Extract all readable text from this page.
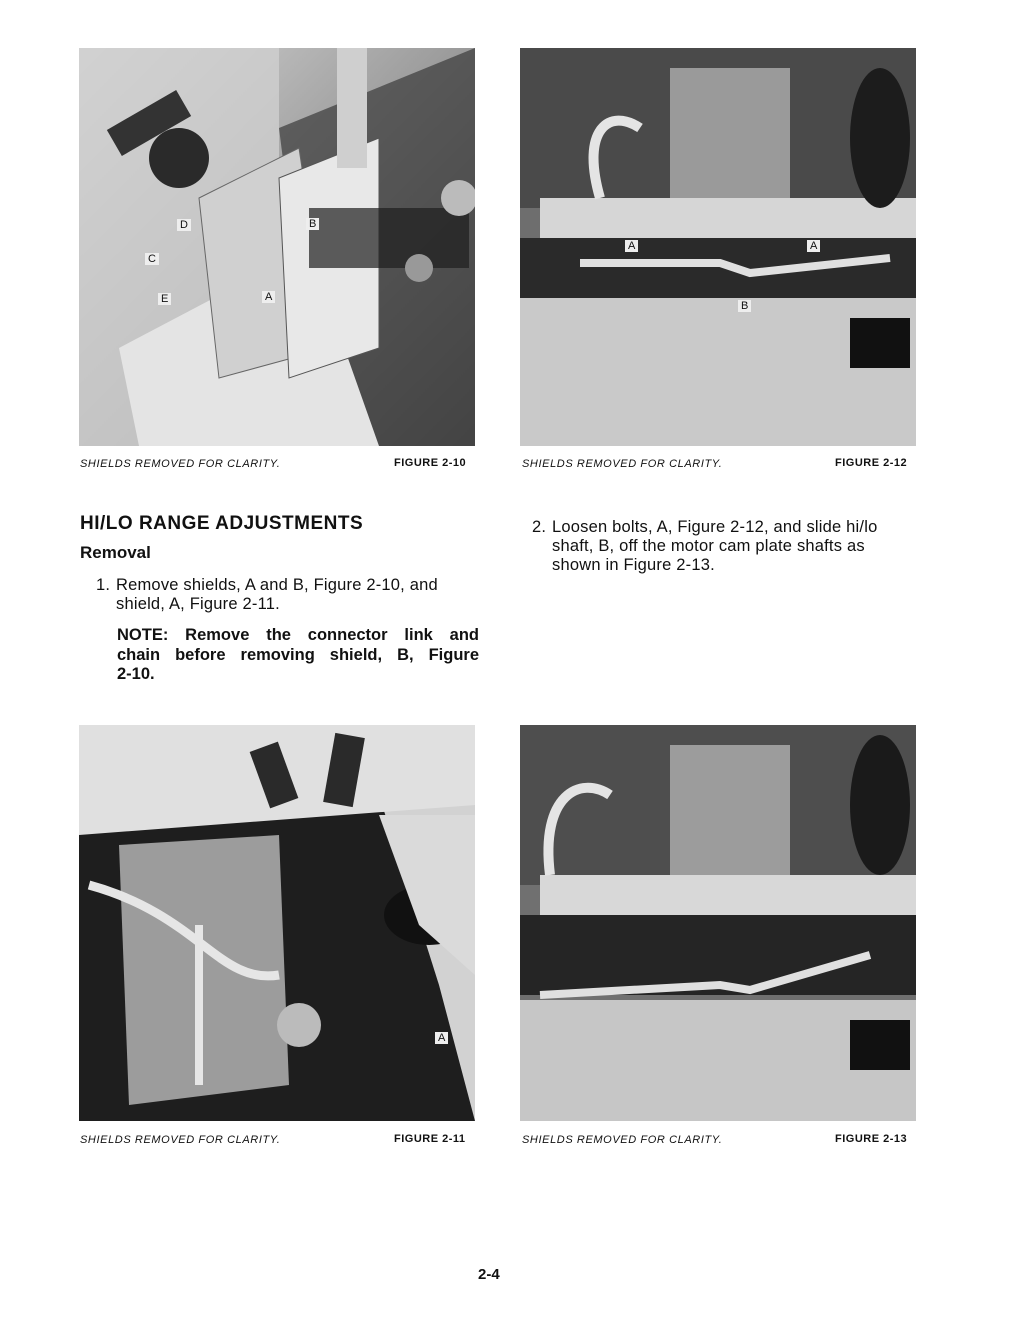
D	B
C
E	A
SHIELDS REMOVED FOR CLARITY.	FIGURE 2-10
A	A
B
SHIELDS REMOVED FOR CLARITY.	FIGURE 2-12
HI/LO RANGE ADJUSTMENTS
Removal
1. Remove shields, A and B, Figure 2-10, and
shield, A, Figure 2-11.
NOTE: Remove the connector link and
chain before removing shield, B, Figure
2-10.
2. Loosen bolts, A, Figure 2-12, and slide hi/lo
shaft, B, off the motor cam plate shafts as
shown in Figure 2-13.
A
SHIELDS REMOVED FOR CLARITY.	FIGURE 2-11	SHIELDS REMOVED FOR CLARITY.	FIGURE 2-13
2-4
